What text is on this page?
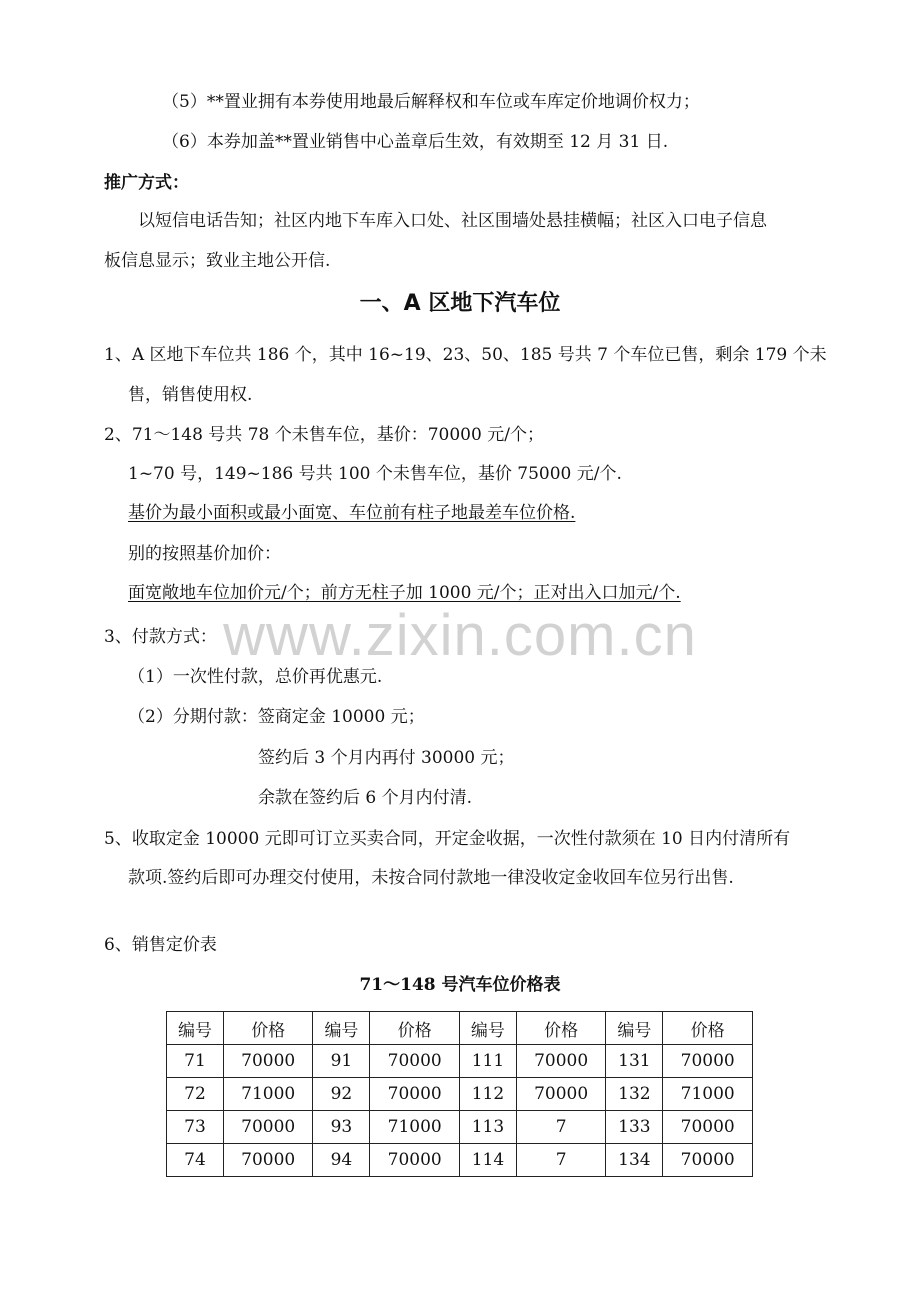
（5）**置业拥有本券使用地最后解释权和车位或车库定价地调价权力；
（6）本券加盖**置业销售中心盖章后生效，有效期至 12 月 31 日.
推广方式：
以短信电话告知；社区内地下车库入口处、社区围墙处悬挂横幅；社区入口电子信息
板信息显示；致业主地公开信.
一、A 区地下汽车位
1、A 区地下车位共 186 个，其中 16~19、23、50、185 号共 7 个车位已售，剩余 179 个未
售，销售使用权.
2、71～148 号共 78 个未售车位，基价：70000 元/个；
1~70 号，149~186 号共 100 个未售车位，基价 75000 元/个.
基价为最小面积或最小面宽、车位前有柱子地最差车位价格.
别的按照基价加价：
面宽敞地车位加价元/个；前方无柱子加 1000 元/个；正对出入口加元/个.
www.zixin.com.cn
3、付款方式：
（1）一次性付款，总价再优惠元.
（2）分期付款：签商定金 10000 元；
签约后 3 个月内再付 30000 元；
余款在签约后 6 个月内付清.
5、收取定金 10000 元即可订立买卖合同，开定金收据，一次性付款须在 10 日内付清所有
款项.签约后即可办理交付使用，未按合同付款地一律没收定金收回车位另行出售.
6、销售定价表
71～148 号汽车位价格表
编号	价格	编号	价格	编号	价格	编号	价格
71	70000	91	70000	111	70000	131	70000
72	71000	92	70000	112	70000	132	71000
73	70000	93	71000	113	7	133	70000
74	70000	94	70000	114	7	134	70000
